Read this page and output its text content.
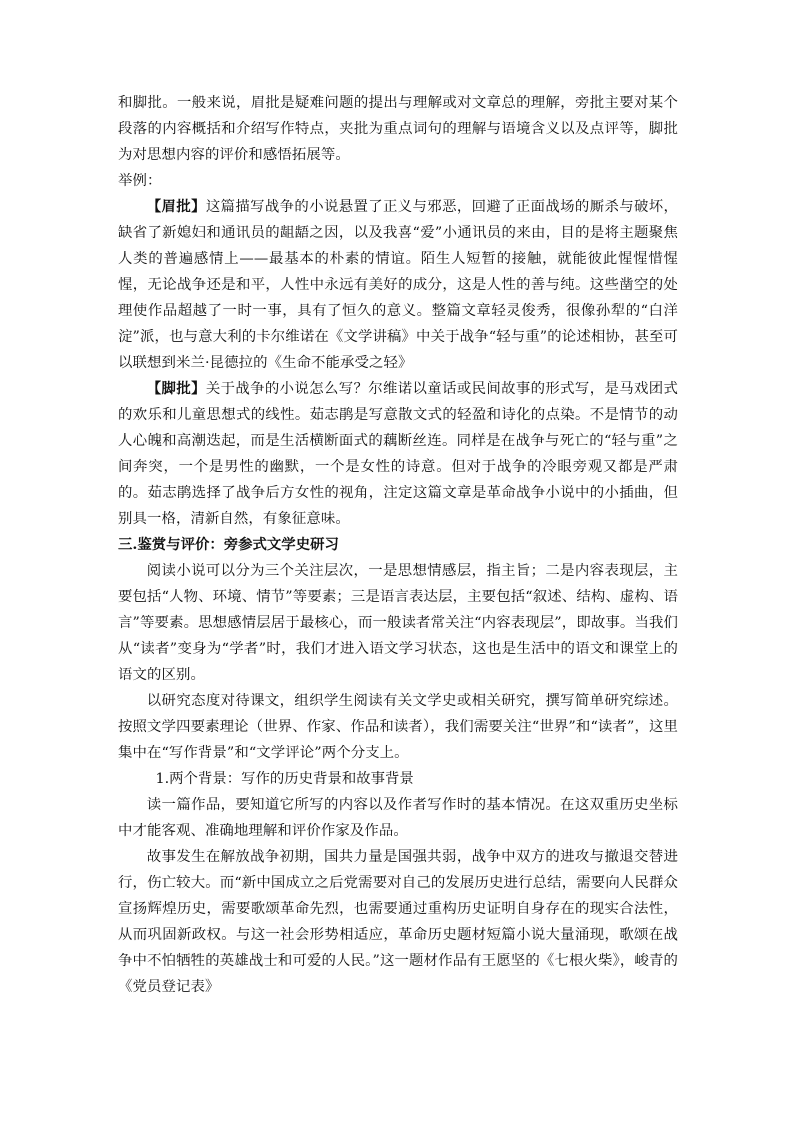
和脚批。一般来说，眉批是疑难问题的提出与理解或对文章总的理解，旁批主要对某个段落的内容概括和介绍写作特点，夹批为重点词句的理解与语境含义以及点评等，脚批为对思想内容的评价和感悟拓展等。

举例：

【眉批】这篇描写战争的小说悬置了正义与邪恶，回避了正面战场的厮杀与破坏，缺省了新媳妇和通讯员的龃龉之因，以及我喜“爱”小通讯员的来由，目的是将主题聚焦人类的普遍感情上——最基本的朴素的情谊。陌生人短暂的接触，就能彼此惺惺惜惺惺，无论战争还是和平，人性中永远有美好的成分，这是人性的善与纯。这些凿空的处理使作品超越了一时一事，具有了恒久的意义。整篇文章轻灵俊秀，很像孙犁的“白洋淀”派，也与意大利的卡尔维诺在《文学讲稿》中关于战争“轻与重”的论述相协，甚至可以联想到米兰·昆德拉的《生命不能承受之轻》

【脚批】关于战争的小说怎么写？尔维诺以童话或民间故事的形式写，是马戏团式的欢乐和儿童思想式的线性。茹志鹃是写意散文式的轻盈和诗化的点染。不是情节的动人心魄和高潮迭起，而是生活横断面式的藕断丝连。同样是在战争与死亡的“轻与重”之间奔突，一个是男性的幽默，一个是女性的诗意。但对于战争的冷眼旁观又都是严肃的。茹志鹃选择了战争后方女性的视角，注定这篇文章是革命战争小说中的小插曲，但别具一格，清新自然，有象征意味。

三.鉴赏与评价：旁参式文学史研习

阅读小说可以分为三个关注层次，一是思想情感层，指主旨；二是内容表现层，主要包括“人物、环境、情节”等要素；三是语言表达层，主要包括“叙述、结构、虚构、语言”等要素。思想感情层居于最核心，而一般读者常关注“内容表现层”，即故事。当我们从“读者”变身为“学者”时，我们才进入语文学习状态，这也是生活中的语文和课堂上的语文的区别。

以研究态度对待课文，组织学生阅读有关文学史或相关研究，撰写简单研究综述。按照文学四要素理论（世界、作家、作品和读者），我们需要关注“世界”和“读者”，这里集中在“写作背景”和“文学评论”两个分支上。

1.两个背景：写作的历史背景和故事背景

读一篇作品，要知道它所写的内容以及作者写作时的基本情况。在这双重历史坐标中才能客观、准确地理解和评价作家及作品。

故事发生在解放战争初期，国共力量是国强共弱，战争中双方的进攻与撤退交替进行，伤亡较大。而“新中国成立之后党需要对自己的发展历史进行总结，需要向人民群众宣扬辉煌历史，需要歌颂革命先烈，也需要通过重构历史证明自身存在的现实合法性，从而巩固新政权。与这一社会形势相适应，革命历史题材短篇小说大量涌现，歌颂在战争中不怕牺牲的英雄战士和可爱的人民。”这一题材作品有王愿坚的《七根火柴》，峻青的《党员登记表》
